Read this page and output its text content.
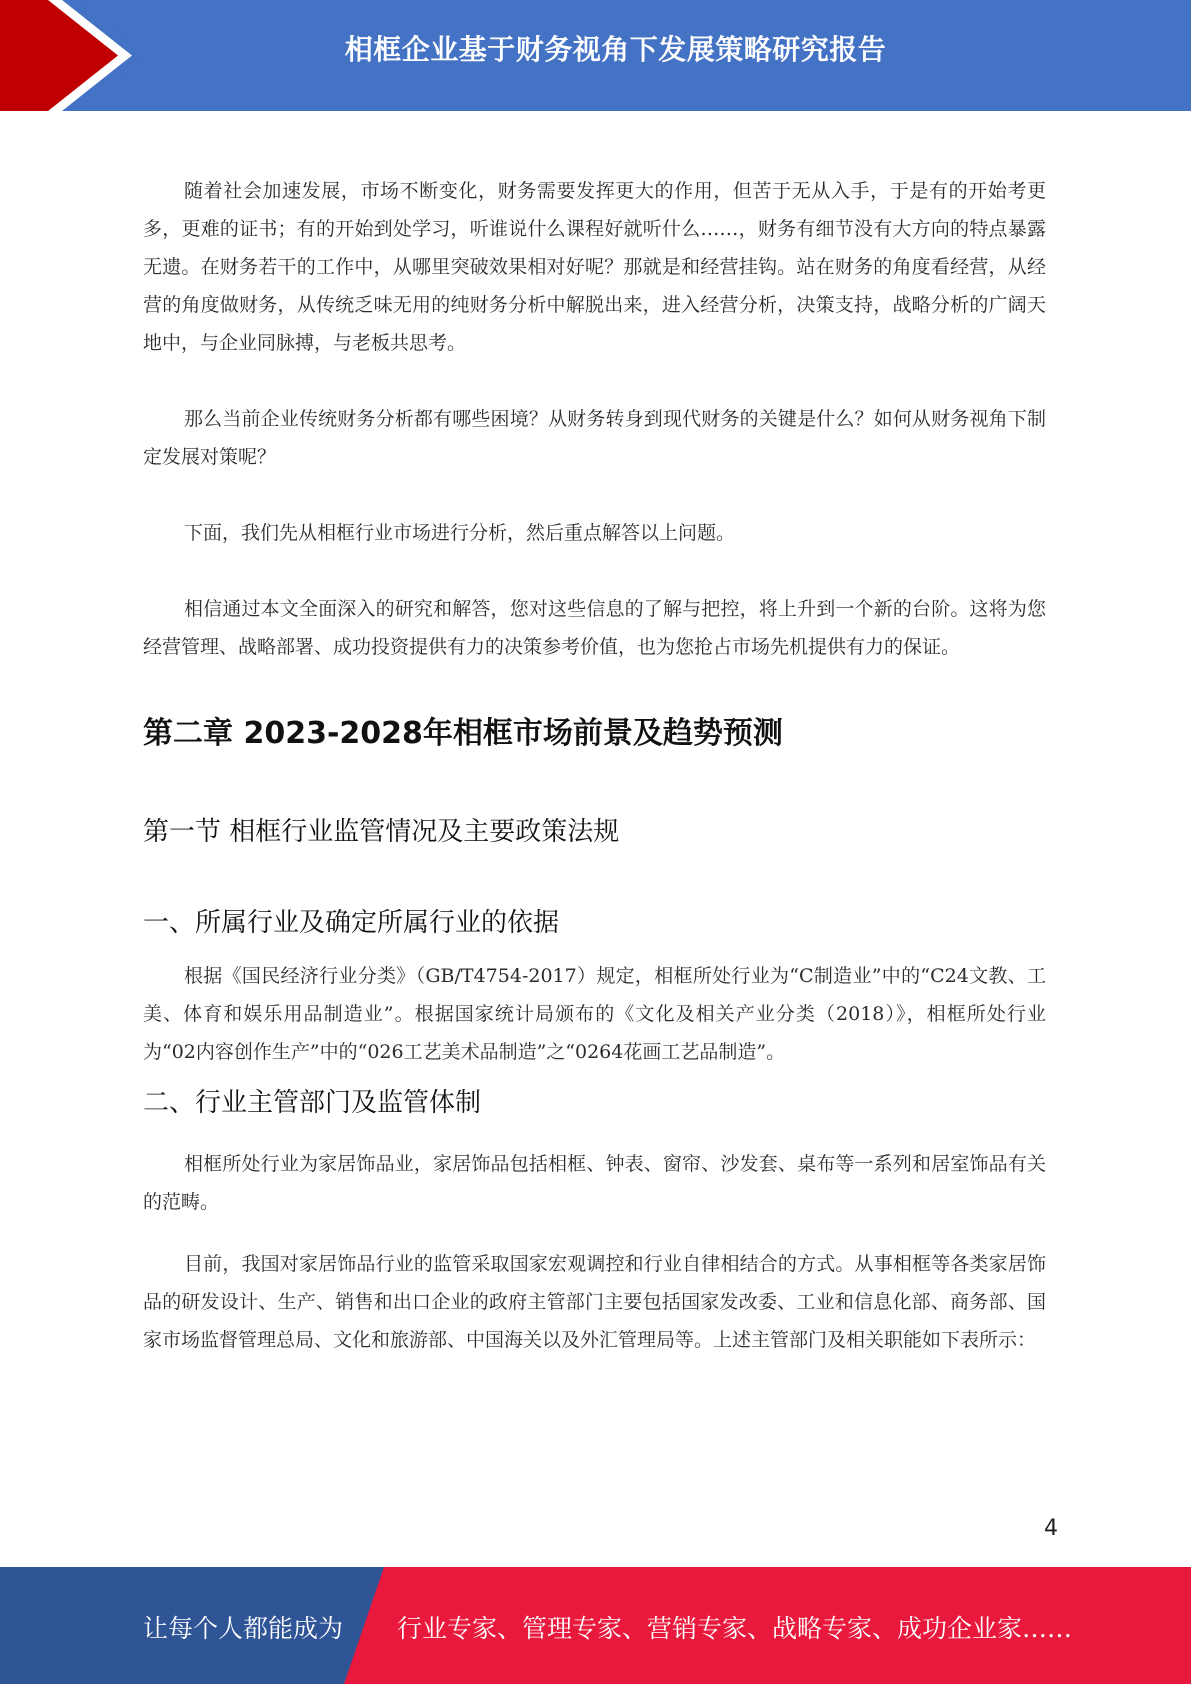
相框企业基于财务视角下发展策略研究报告

随着社会加速发展，市场不断变化，财务需要发挥更大的作用，但苦于无从入手，于是有的开始考更多，更难的证书；有的开始到处学习，听谁说什么课程好就听什么……，财务有细节没有大方向的特点暴露无遗。在财务若干的工作中，从哪里突破效果相对好呢？那就是和经营挂钩。站在财务的角度看经营，从经营的角度做财务，从传统乏味无用的纯财务分析中解脱出来，进入经营分析，决策支持，战略分析的广阔天地中，与企业同脉搏，与老板共思考。

那么当前企业传统财务分析都有哪些困境？从财务转身到现代财务的关键是什么？如何从财务视角下制定发展对策呢？

下面，我们先从相框行业市场进行分析，然后重点解答以上问题。

相信通过本文全面深入的研究和解答，您对这些信息的了解与把控，将上升到一个新的台阶。这将为您经营管理、战略部署、成功投资提供有力的决策参考价值，也为您抢占市场先机提供有力的保证。

第二章 2023-2028年相框市场前景及趋势预测
第一节 相框行业监管情况及主要政策法规
一、所属行业及确定所属行业的依据

根据《国民经济行业分类》（GB/T4754-2017）规定，相框所处行业为“C制造业”中的“C24文教、工美、体育和娱乐用品制造业”。根据国家统计局颁布的《文化及相关产业分类（2018）》，相框所处行业为“02内容创作生产”中的“026工艺美术品制造”之“0264花画工艺品制造”。

二、行业主管部门及监管体制

相框所处行业为家居饰品业，家居饰品包括相框、钟表、窗帘、沙发套、桌布等一系列和居室饰品有关的范畴。

目前，我国对家居饰品行业的监管采取国家宏观调控和行业自律相结合的方式。从事相框等各类家居饰品的研发设计、生产、销售和出口企业的政府主管部门主要包括国家发改委、工业和信息化部、商务部、国家市场监督管理总局、文化和旅游部、中国海关以及外汇管理局等。上述主管部门及相关职能如下表所示：

4
让每个人都能成为 行业专家、管理专家、营销专家、战略专家、成功企业家……
